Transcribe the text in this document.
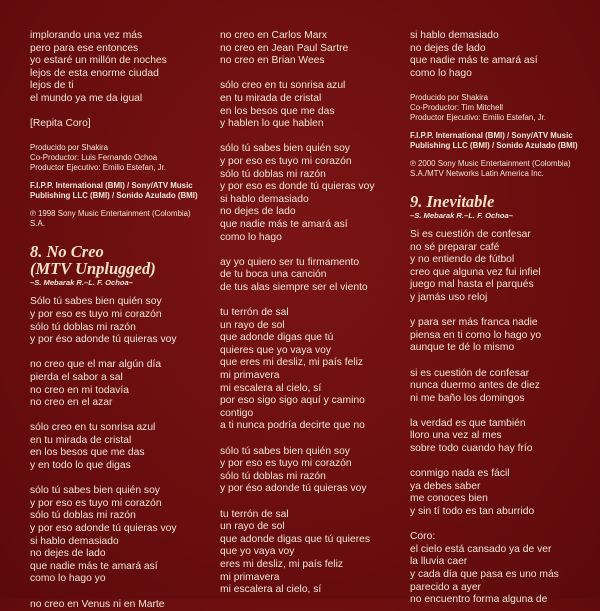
implorando una vez más
pero para ese entonces
yo estaré un millón de noches
lejos de esta enorme ciudad
lejos de ti
el mundo ya me da igual
[Repita Coro]
Producido por Shakira
Co-Productor: Luis Fernando Ochoa
Productor Ejecutivo: Emilio Estefan, Jr.
F.I.P.P. International (BMI) / Sony/ATV Music
Publishing LLC (BMI) / Sonido Azulado (BMI)
℗ 1998 Sony Music Entertainment (Colombia)
S.A.
8. No Creo
(MTV Unplugged)
–S. Mebarak R.–L. F. Ochoa–
Sólo tú sabes bien quién soy
y por eso es tuyo mi corazón
sólo tú doblas mi razón
y por éso adonde tú quieras voy
no creo que el mar algún día
pierda el sabor a sal
no creo en mi todavía
no creo en el azar
sólo creo en tu sonrisa azul
en tu mirada de cristal
en los besos que me das
y en todo lo que digas
sólo tú sabes bien quién soy
y por eso es tuyo mi corazón
sólo tú doblas mi razón
y por eso adonde tú quieras voy
si hablo demasiado
no dejes de lado
que nadie más te amará así
como lo hago yo
no creo en Venus ni en Marte
no creo en Carlos Marx
no creo en Jean Paul Sartre
no creo en Brian Wees
sólo creo en tu sonrisa azul
en tu mirada de cristal
en los besos que me das
y hablen lo que hablen
sólo tú sabes bien quién soy
y por eso es tuyo mi corazón
sólo tú doblas mi razón
y por eso es donde tú quieras voy
si hablo demasiado
no dejes de lado
que nadie más te amará así
como lo hago
ay yo quiero ser tu firmamento
de tu boca una canción
de tus alas siempre ser el viento
tu terrón de sal
un rayo de sol
que adonde digas que tú
quieres que yo vaya voy
que eres mi desliz, mi país feliz
mi primavera
mi escalera al cielo, sí
por eso sigo sigo aquí y camino
contigo
a ti nunca podría decirte que no
sólo tú sabes bien quién soy
y por eso es tuyo mi corazón
sólo tú doblas mi razón
y por éso adonde tú quieras voy
tu terrón de sal
un rayo de sol
que adonde digas que tú quieres
que yo vaya voy
eres mi desliz, mi país feliz
mi primavera
mi escalera al cielo, sí
si hablo demasiado
no dejes de lado
que nadie más te amará así
como lo hago
Producido por Shakira
Co-Productor: Tim Mitchell
Productor Ejecutivo: Emilio Estefan, Jr.
F.I.P.P. International (BMI) / Sony/ATV Music
Publishing LLC (BMI) / Sonido Azulado (BMI)
℗ 2000 Sony Music Entertainment (Colombia)
S.A./MTV Networks Latin America Inc.
9. Inevitable
–S. Mebarak R.–L. F. Ochoa–
Si es cuestión de confesar
no sé preparar café
y no entiendo de fútbol
creo que alguna vez fui infiel
juego mal hasta el parqués
y jamás uso reloj
y para ser más franca nadie
piensa en ti como lo hago yo
aunque te dé lo mismo
si es cuestión de confesar
nunca duermo antes de diez
ni me baño los domingos
la verdad es que también
lloro una vez al mes
sobre todo cuando hay frío
conmigo nada es fácil
ya debes saber
me conoces bien
y sin tí todo es tan aburrido
Coro:
el cielo está cansado ya de ver
la lluvia caer
y cada día que pasa es uno más
parecido a ayer
no encuentro forma alguna de
